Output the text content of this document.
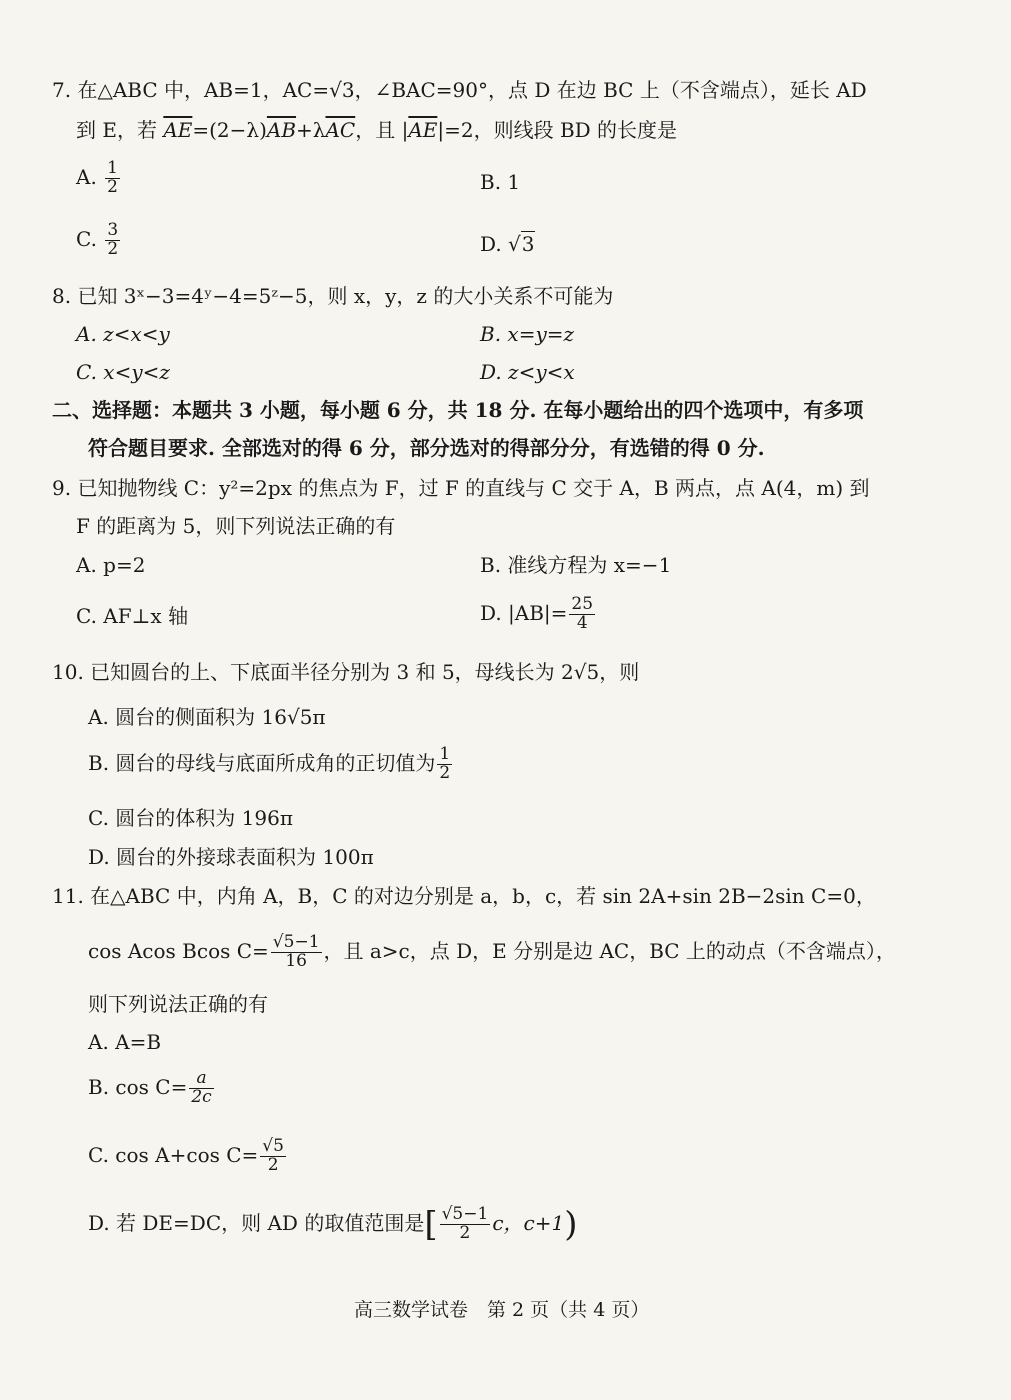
7. 在△ABC 中，AB=1，AC=√3，∠BAC=90°，点 D 在边 BC 上（不含端点），延长 AD
到 E，若 $\overline{AE}=(2-\lambda)\overline{AB}+\lambda\overline{AC}$，且 $|\overline{AE}|=2$，则线段 BD 的长度是
A. $\frac{1}{2}$	B. 1
C. $\frac{3}{2}$	D. √3
8. 已知 3ˣ−3=4ʸ−4=5ᶻ−5，则 x，y，z 的大小关系不可能为
A. z<x<y	B. x=y=z
C. x<y<z	D. z<y<x
二、选择题：本题共 3 小题，每小题 6 分，共 18 分. 在每小题给出的四个选项中，有多项
符合题目要求. 全部选对的得 6 分，部分选对的得部分分，有选错的得 0 分.
9. 已知抛物线 C：y²=2px 的焦点为 F，过 F 的直线与 C 交于 A，B 两点，点 A(4，m) 到
F 的距离为 5，则下列说法正确的有
A. p=2	B. 准线方程为 x=−1
C. AF⊥x 轴	D. $|AB|= \frac{25}{4}$
10. 已知圆台的上、下底面半径分别为 3 和 5，母线长为 2√5，则
A. 圆台的侧面积为 16√5π
B. 圆台的母线与底面所成角的正切值为 $\frac{1}{2}$
C. 圆台的体积为 196π
D. 圆台的外接球表面积为 100π
11. 在△ABC 中，内角 A，B，C 的对边分别是 a，b，c，若 sin 2A+sin 2B−2sin C=0，
cos Acos Bcos $C= \frac{√5-1}{16}$ ，且 a>c，点 D，E 分别是边 AC，BC 上的动点（不含端点），
则下列说法正确的有
A. A=B
B. $\cos C= \frac{a}{2c}$
C. cos A+cos $C= \frac{√5}{2}$
D. 若 DE=DC，则 AD 的取值范围是[ $\frac{√5-1}{2}$ c，c+1)
高三数学试卷　第 2 页（共 4 页）
